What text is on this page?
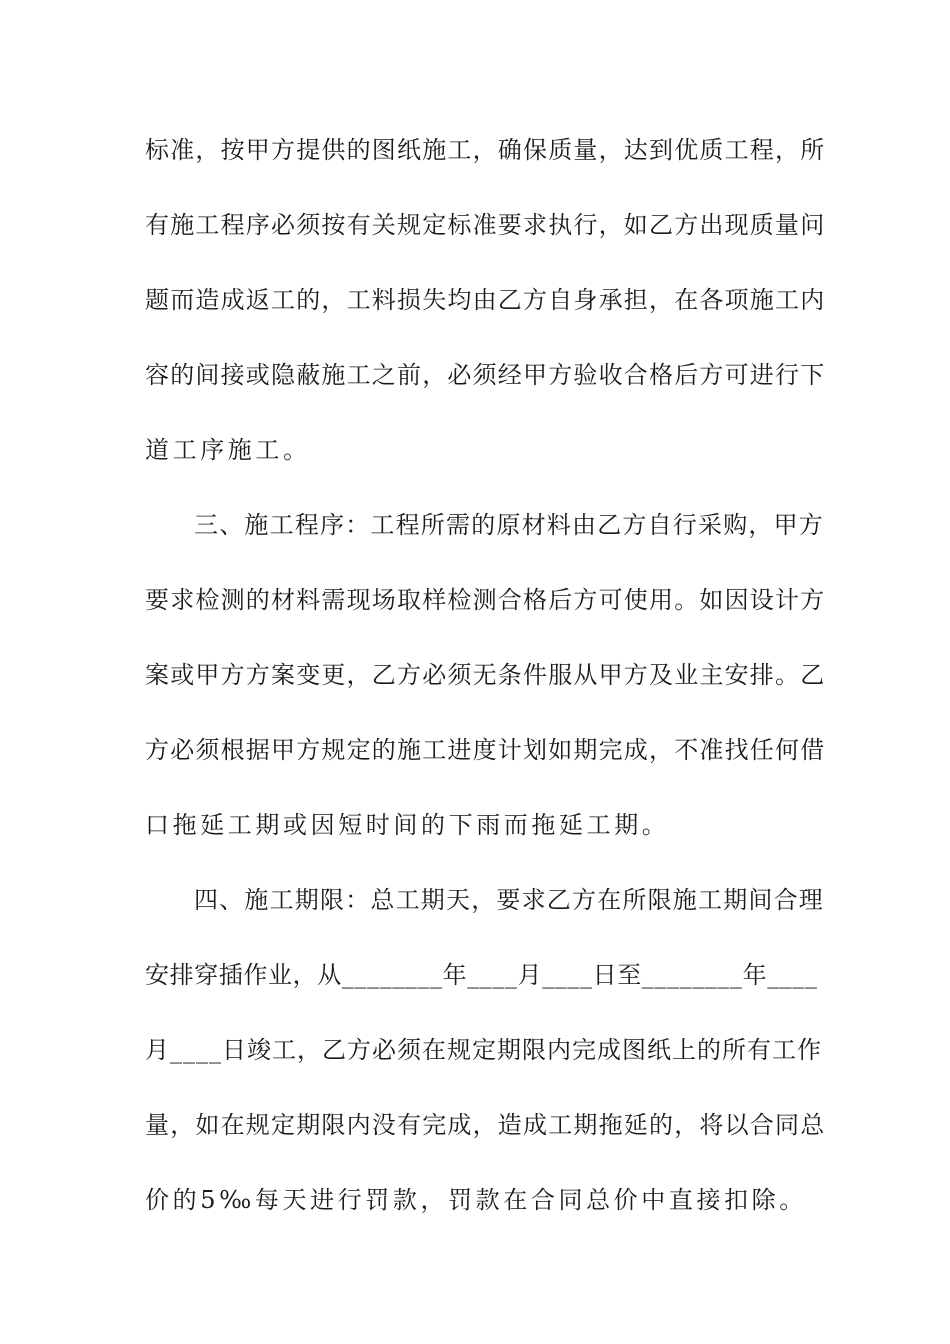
标准，按甲方提供的图纸施工，确保质量，达到优质工程，所
有施工程序必须按有关规定标准要求执行，如乙方出现质量问
题而造成返工的，工料损失均由乙方自身承担，在各项施工内
容的间接或隐蔽施工之前，必须经甲方验收合格后方可进行下
道工序施工。
三、施工程序：工程所需的原材料由乙方自行采购，甲方
要求检测的材料需现场取样检测合格后方可使用。如因设计方
案或甲方方案变更，乙方必须无条件服从甲方及业主安排。乙
方必须根据甲方规定的施工进度计划如期完成，不准找任何借
口拖延工期或因短时间的下雨而拖延工期。
四、施工期限：总工期天，要求乙方在所限施工期间合理
安排穿插作业，从________年____月____日至________年____
月____日竣工，乙方必须在规定期限内完成图纸上的所有工作
量，如在规定期限内没有完成，造成工期拖延的，将以合同总
价的5‰每天进行罚款，罚款在合同总价中直接扣除。
